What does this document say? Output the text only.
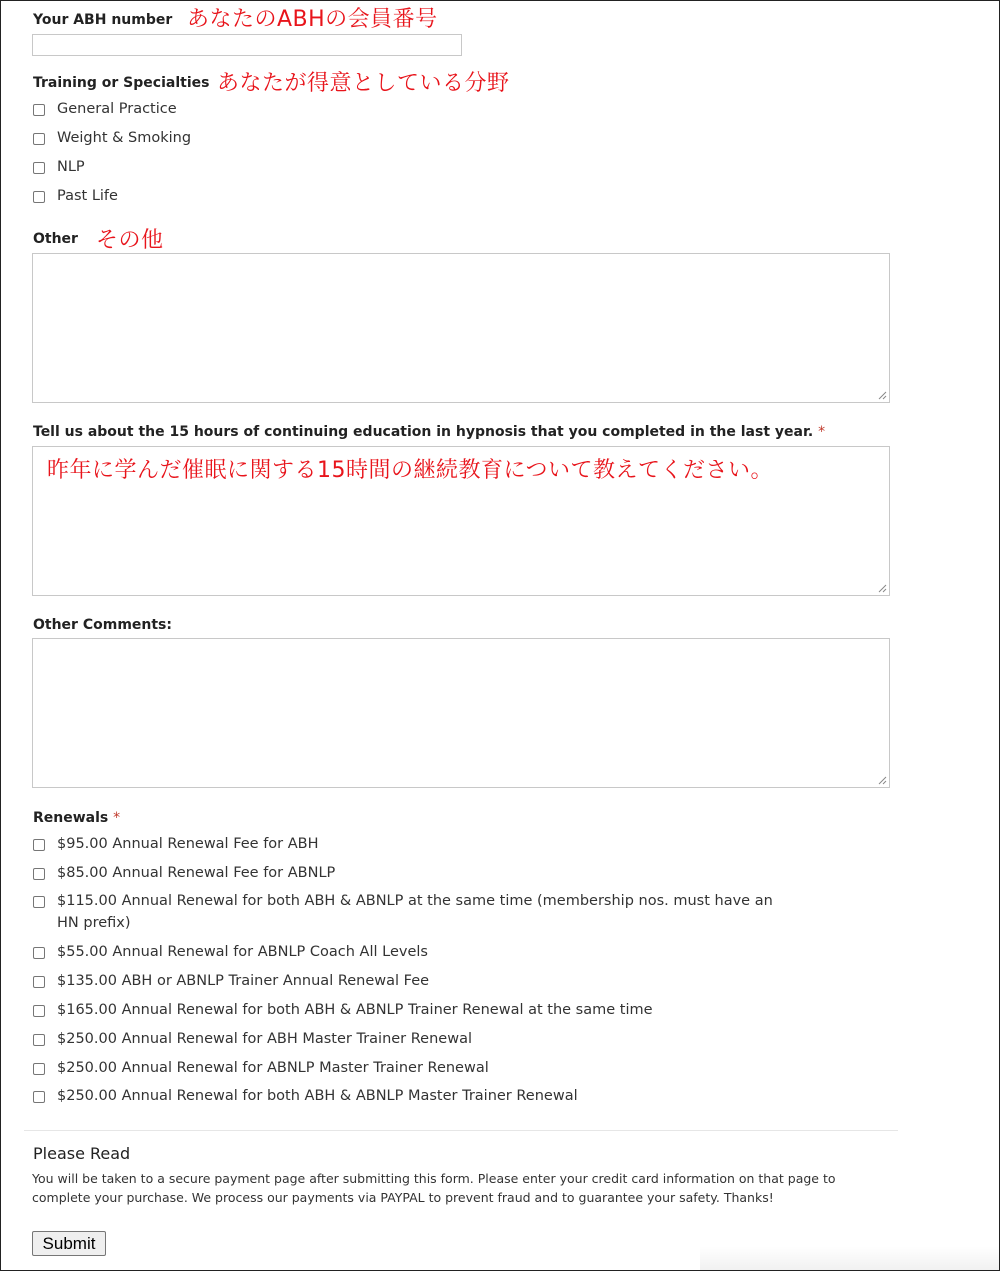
Your ABH number あなたのABHの会員番号
Training or Specialties あなたが得意としている分野
General Practice
Weight & Smoking
NLP
Past Life
Other その他
Tell us about the 15 hours of continuing education in hypnosis that you completed in the last year. *
昨年に学んだ催眠に関する15時間の継続教育について教えてください。
Other Comments:
Renewals *
$95.00 Annual Renewal Fee for ABH
$85.00 Annual Renewal Fee for ABNLP
$115.00 Annual Renewal for both ABH & ABNLP at the same time (membership nos. must have an HN prefix)
$55.00 Annual Renewal for ABNLP Coach All Levels
$135.00 ABH or ABNLP Trainer Annual Renewal Fee
$165.00 Annual Renewal for both ABH & ABNLP Trainer Renewal at the same time
$250.00 Annual Renewal for ABH Master Trainer Renewal
$250.00 Annual Renewal for ABNLP Master Trainer Renewal
$250.00 Annual Renewal for both ABH & ABNLP Master Trainer Renewal
Please Read
You will be taken to a secure payment page after submitting this form. Please enter your credit card information on that page to complete your purchase. We process our payments via PAYPAL to prevent fraud and to guarantee your safety. Thanks!
Submit
